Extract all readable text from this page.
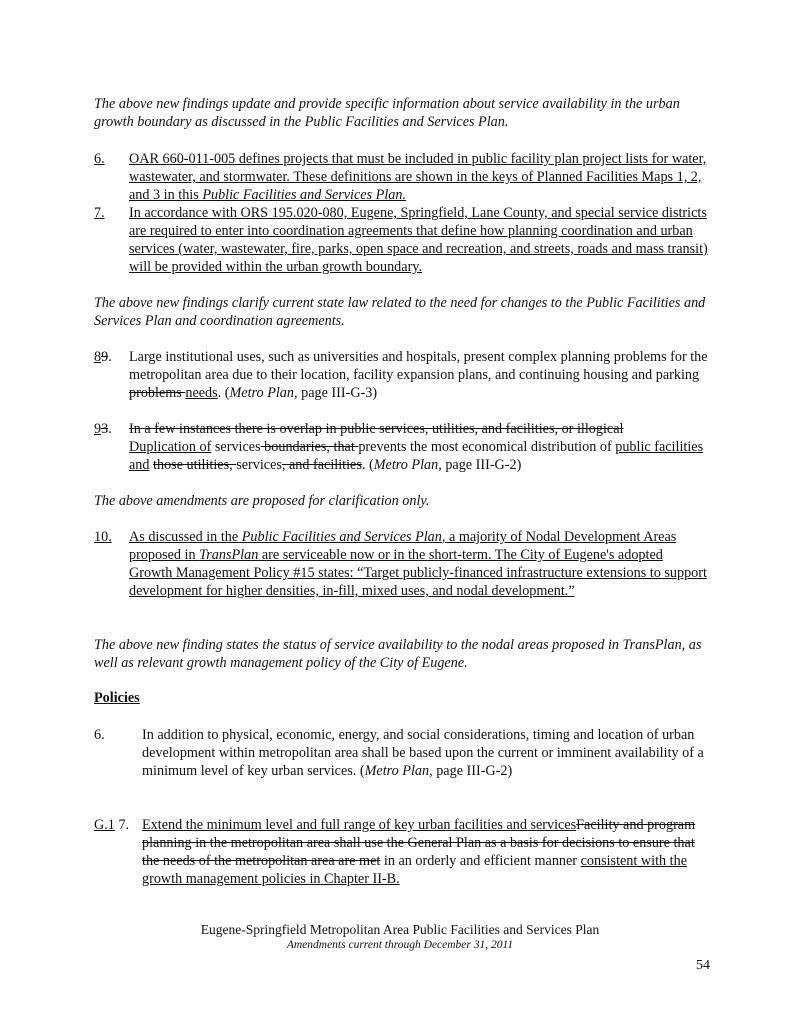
The above new findings update and provide specific information about service availability in the urban growth boundary as discussed in the Public Facilities and Services Plan.

6. OAR 660-011-005 defines projects that must be included in public facility plan project lists for water, wastewater, and stormwater. These definitions are shown in the keys of Planned Facilities Maps 1, 2, and 3 in this Public Facilities and Services Plan.
7. In accordance with ORS 195.020-080, Eugene, Springfield, Lane County, and special service districts are required to enter into coordination agreements that define how planning coordination and urban services (water, wastewater, fire, parks, open space and recreation, and streets, roads and mass transit) will be provided within the urban growth boundary.

The above new findings clarify current state law related to the need for changes to the Public Facilities and Services Plan and coordination agreements.

89. Large institutional uses, such as universities and hospitals, present complex planning problems for the metropolitan area due to their location, facility expansion plans, and continuing housing and parking problems needs. (Metro Plan, page III-G-3)
93. In a few instances there is overlap in public services, utilities, and facilities, or illogical
Duplication of services boundaries, that prevents the most economical distribution of public facilities and those utilities, services, and facilities. (Metro Plan, page III-G-2)

The above amendments are proposed for clarification only.

10. As discussed in the Public Facilities and Services Plan, a majority of Nodal Development Areas proposed in TransPlan are serviceable now or in the short-term. The City of Eugene's adopted Growth Management Policy #15 states: “Target publicly-financed infrastructure extensions to support development for higher densities, in-fill, mixed uses, and nodal development.”

The above new finding states the status of service availability to the nodal areas proposed in TransPlan, as well as relevant growth management policy of the City of Eugene.

Policies
6.	In addition to physical, economic, energy, and social considerations, timing and location of urban development within metropolitan area shall be based upon the current or imminent availability of a minimum level of key urban services. (Metro Plan, page III-G-2)
G.1 7. Extend the minimum level and full range of key urban facilities and servicesFacility and program planning in the metropolitan area shall use the General Plan as a basis for decisions to ensure that the needs of the metropolitan area are met in an orderly and efficient manner consistent with the growth management policies in Chapter II-B.
Eugene-Springfield Metropolitan Area Public Facilities and Services Plan
Amendments current through December 31, 2011
54
